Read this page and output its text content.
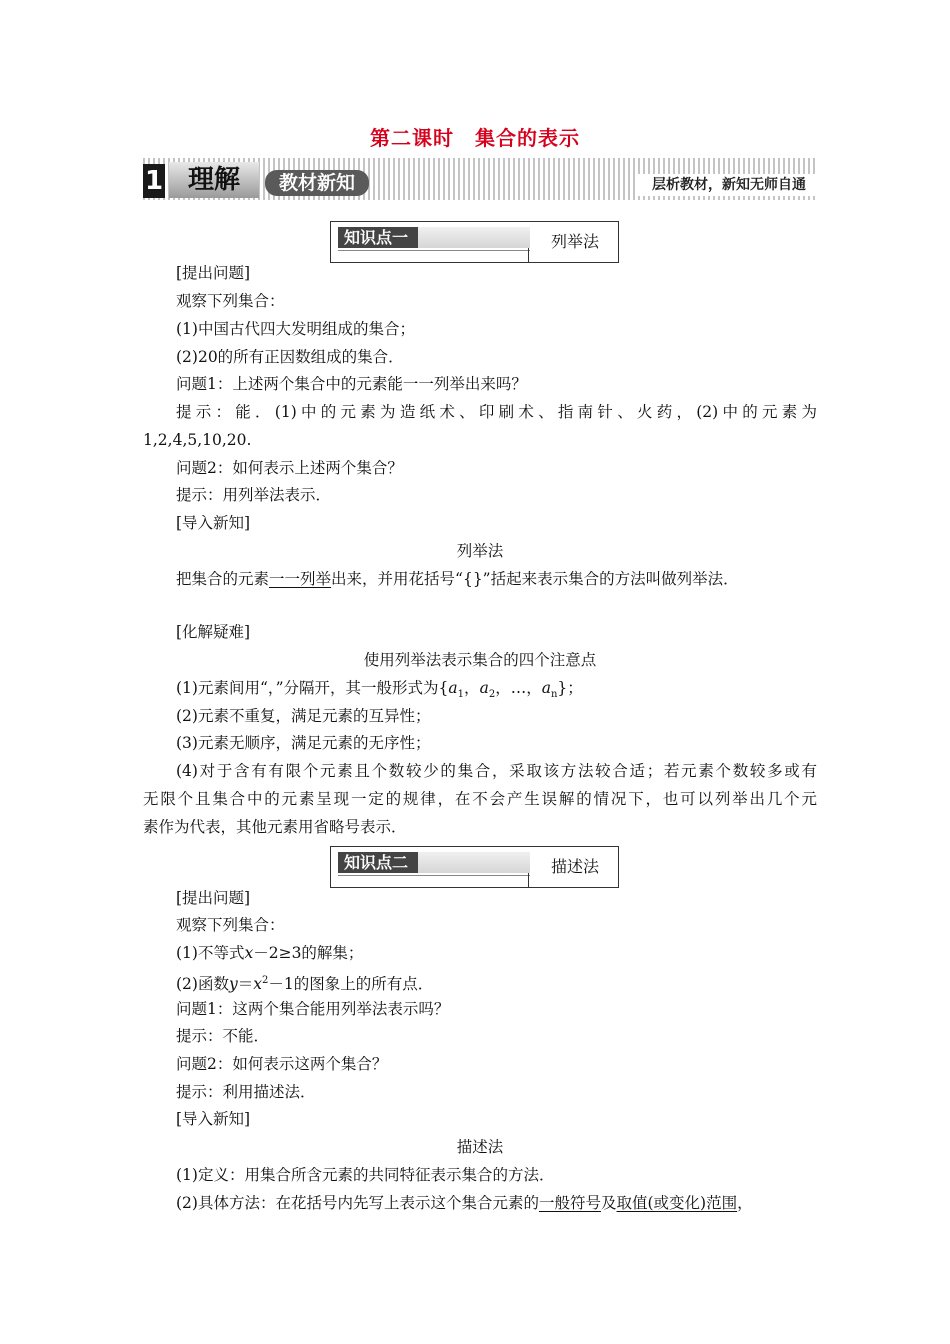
第二课时　集合的表示
1 理解	教材新知	层析教材，新知无师自通
知识点一	列举法
[提出问题]
观察下列集合：
(1)中国古代四大发明组成的集合；
(2)20的所有正因数组成的集合．
问题1：上述两个集合中的元素能一一列举出来吗？
提示：能．(1)中的元素为造纸术、印刷术、指南针、火药，(2)中的元素为
1,2,4,5,10,20.
问题2：如何表示上述两个集合？
提示：用列举法表示．
[导入新知]
列举法
把集合的元素一一列举出来，并用花括号“{}”括起来表示集合的方法叫做列举法．
[化解疑难]
使用列举法表示集合的四个注意点
(1)元素间用“，”分隔开，其一般形式为{$a_1$，$a_2$，…，$a_n$}；
(2)元素不重复，满足元素的互异性；
(3)元素无顺序，满足元素的无序性；
(4)对于含有有限个元素且个数较少的集合，采取该方法较合适；若元素个数较多或有
无限个且集合中的元素呈现一定的规律，在不会产生误解的情况下，也可以列举出几个元
素作为代表，其他元素用省略号表示．
知识点二	描述法
[提出问题]
观察下列集合：
(1)不等式x－2≥3的解集；
(2)函数$y=x^2-1$的图象上的所有点．
问题1：这两个集合能用列举法表示吗？
提示：不能．
问题2：如何表示这两个集合？
提示：利用描述法．
[导入新知]
描述法
(1)定义：用集合所含元素的共同特征表示集合的方法．
(2)具体方法：在花括号内先写上表示这个集合元素的一般符号及取值(或变化)范围，
